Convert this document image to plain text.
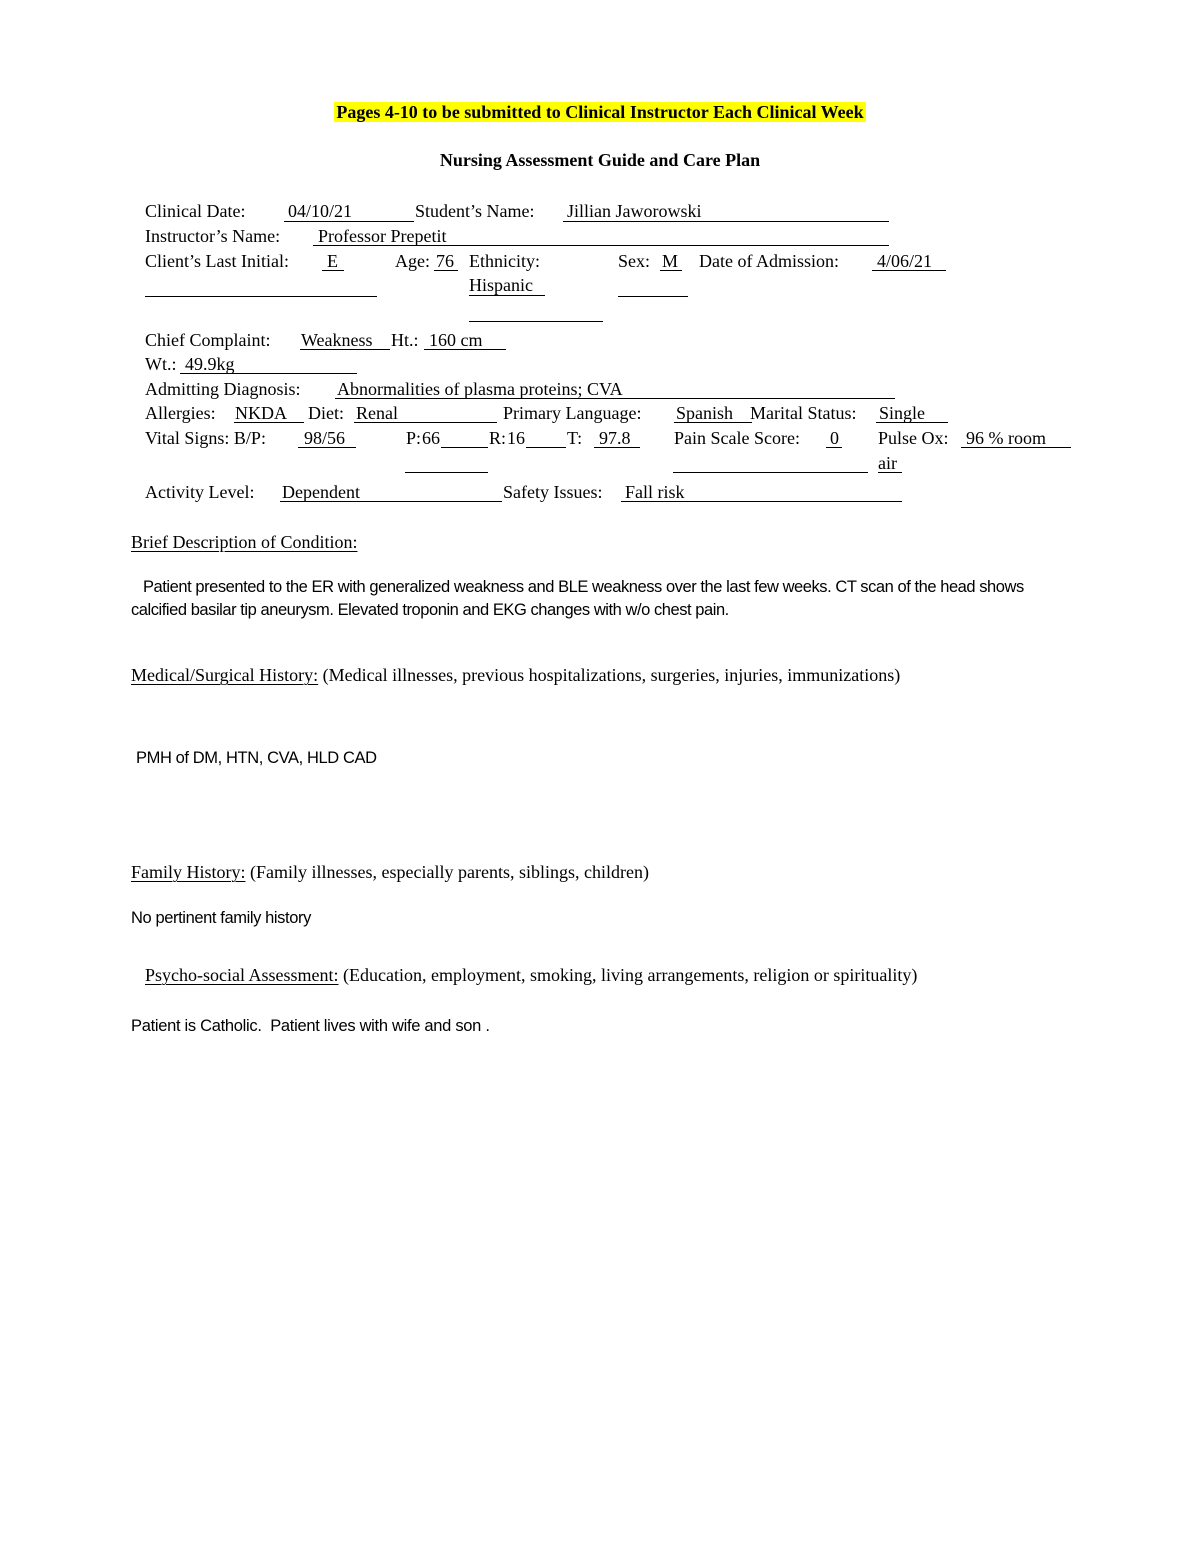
Pages 4-10 to be submitted to Clinical Instructor Each Clinical Week
Nursing Assessment Guide and Care Plan
Clinical Date: 04/10/21	Student’s Name: Jillian Jaworowski
Instructor’s Name: Professor Prepetit
Client’s Last Initial: E	Age: 76 Ethnicity:
Hispanic
Sex: M Date of Admission: 4/06/21
Chief Complaint: Weakness Ht.: 160 cm
Wt.: 49.9kg
Admitting Diagnosis: Abnormalities of plasma proteins; CVA
Allergies: NKDA Diet: Renal	Primary Language: Spanish Marital Status: Single
Vital Signs: B/P: 98/56	P: 66	R: 16 T: 97.8 Pain Scale Score: 0 Pulse Ox: 96 % room
air
Activity Level: Dependent	Safety Issues: Fall risk
Brief Description of Condition:
Patient presented to the ER with generalized weakness and BLE weakness over the last few weeks. CT scan of the head shows calcified basilar tip aneurysm. Elevated troponin and EKG changes with w/o chest pain.
Medical/Surgical History: (Medical illnesses, previous hospitalizations, surgeries, injuries, immunizations)
PMH of DM, HTN, CVA, HLD CAD
Family History: (Family illnesses, especially parents, siblings, children)
No pertinent family history
Psycho-social Assessment: (Education, employment, smoking, living arrangements, religion or spirituality)
Patient is Catholic.  Patient lives with wife and son .
